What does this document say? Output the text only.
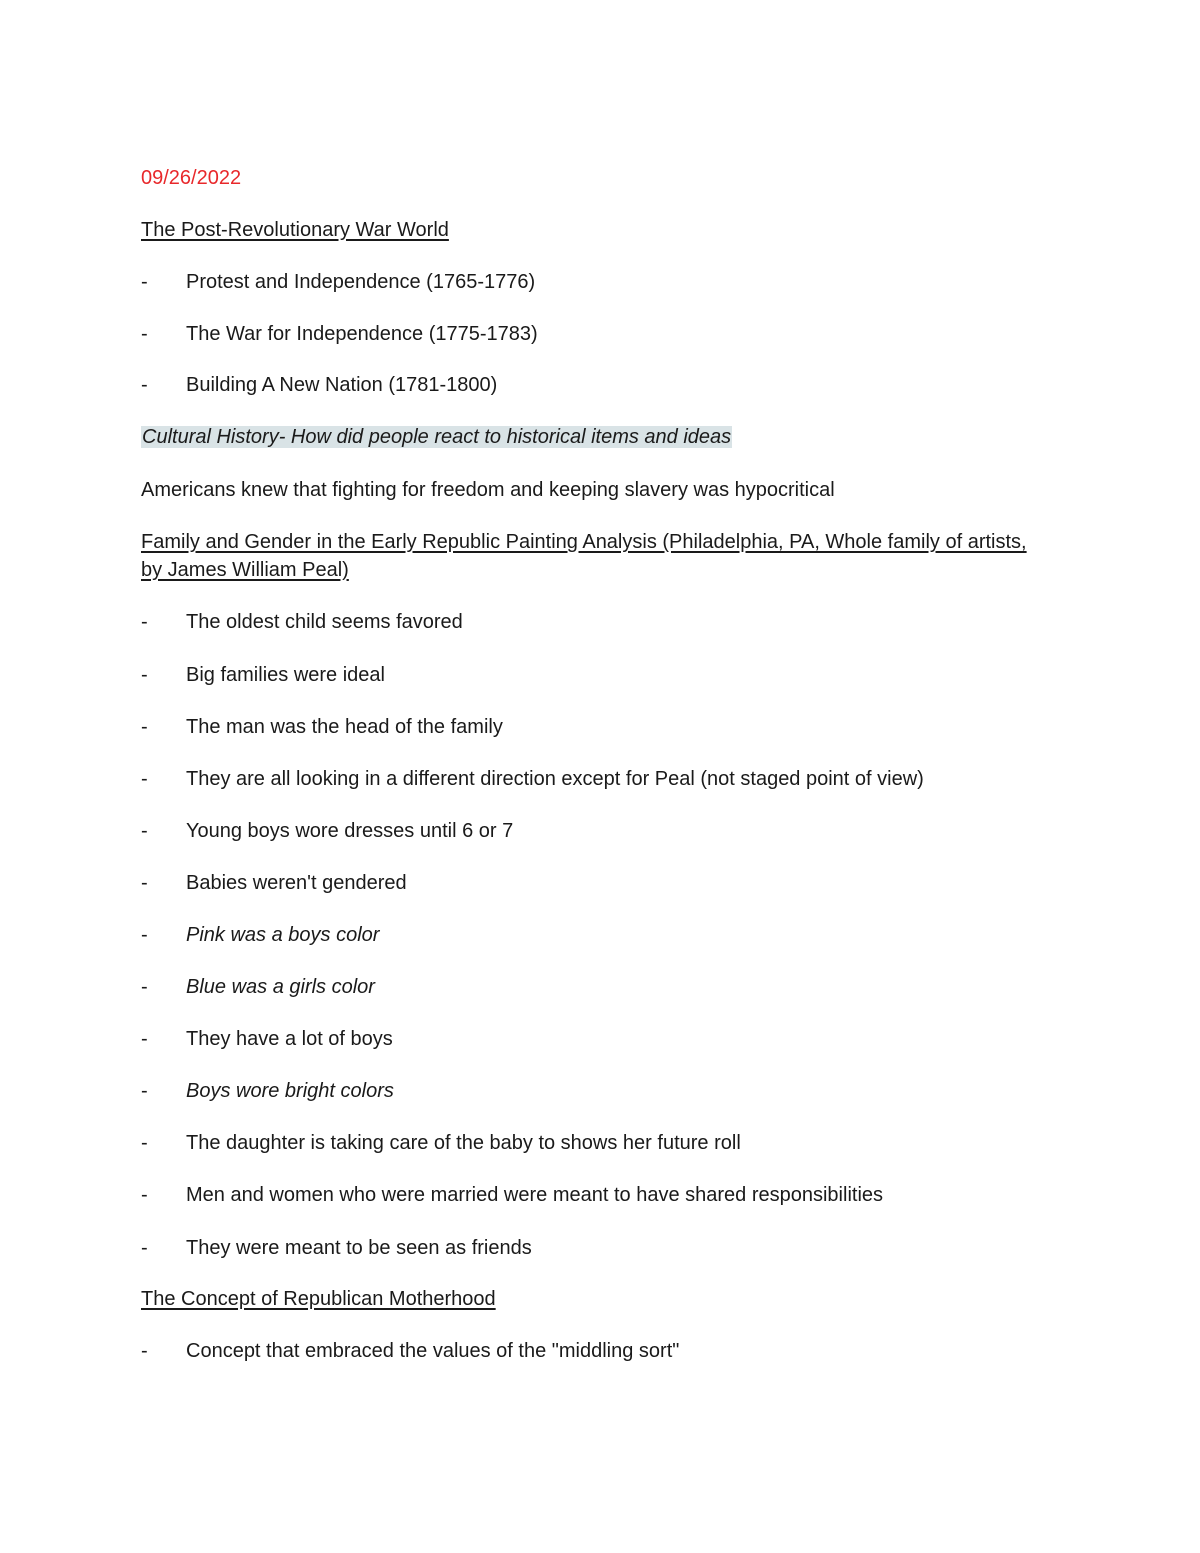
09/26/2022
The Post-Revolutionary War World
- Protest and Independence (1765-1776)
- The War for Independence (1775-1783)
- Building A New Nation (1781-1800)
Cultural History- How did people react to historical items and ideas
Americans knew that fighting for freedom and keeping slavery was hypocritical
Family and Gender in the Early Republic Painting Analysis (Philadelphia, PA, Whole family of artists, by James William Peal)
- The oldest child seems favored
- Big families were ideal
- The man was the head of the family
- They are all looking in a different direction except for Peal (not staged point of view)
- Young boys wore dresses until 6 or 7
- Babies weren't gendered
- Pink was a boys color
- Blue was a girls color
- They have a lot of boys
- Boys wore bright colors
- The daughter is taking care of the baby to shows her future roll
- Men and women who were married were meant to have shared responsibilities
- They were meant to be seen as friends
The Concept of Republican Motherhood
- Concept that embraced the values of the "middling sort"
